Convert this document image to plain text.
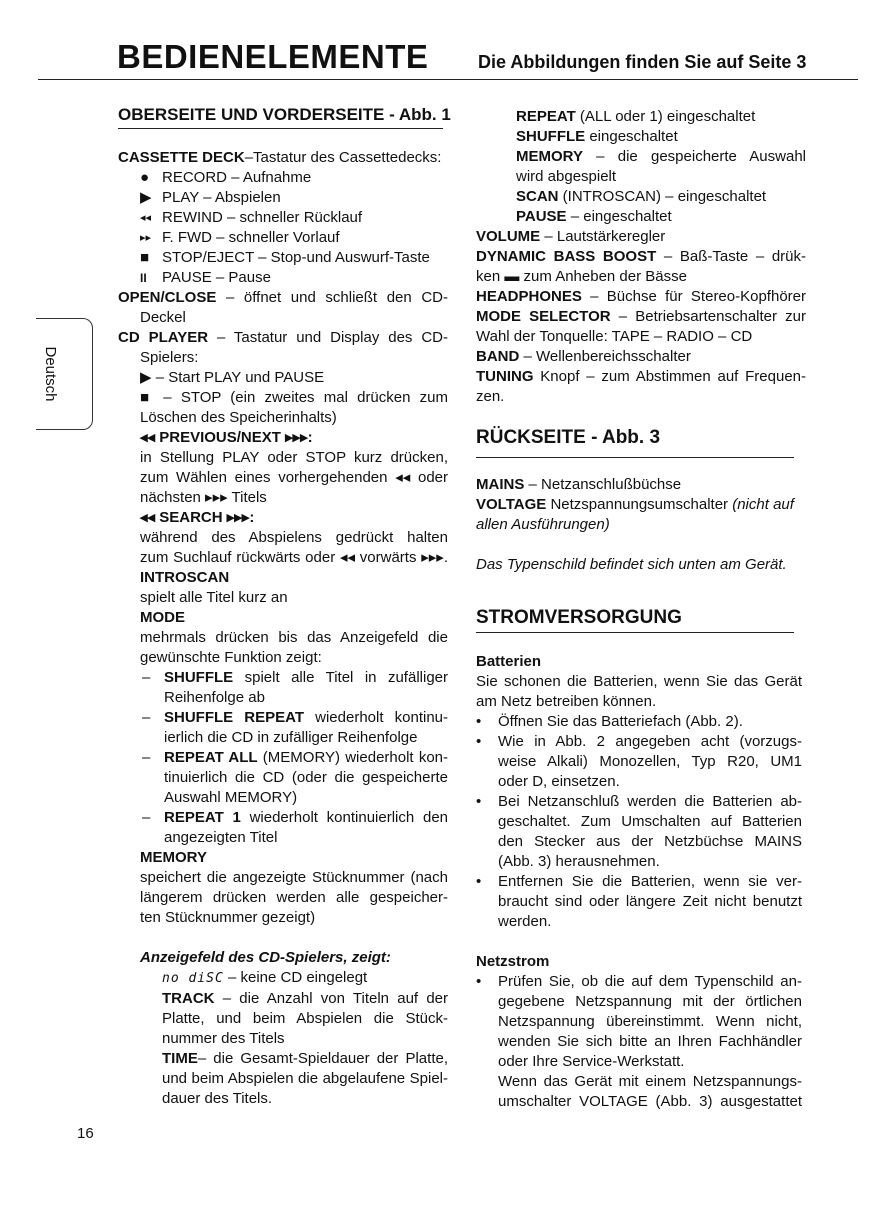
BEDIENELEMENTE	Die Abbildungen finden Sie auf Seite 3
Deutsch
OBERSEITE UND VORDERSEITE - Abb. 1
CASSETTE DECK–Tastatur des Cassettedecks:
● RECORD – Aufnahme
▶ PLAY – Abspielen
◂◂ REWIND – schneller Rücklauf
▸▸ F. FWD – schneller Vorlauf
■ STOP/EJECT – Stop-und Auswurf-Taste
II	PAUSE – Pause
OPEN/CLOSE – öffnet und schließt den CD-
Deckel
CD PLAYER – Tastatur und Display des CD-
Spielers:
▶ – Start PLAY und PAUSE
■ – STOP (ein zweites mal drücken zum
Löschen des Speicherinhalts)
◂◂ PREVIOUS/NEXT ▸▸▸:
in Stellung PLAY oder STOP kurz drücken,
zum Wählen eines vorhergehenden ◂◂ oder
nächsten ▸▸▸ Titels
◂◂ SEARCH ▸▸▸:
während des Abspielens gedrückt halten
zum Suchlauf rückwärts oder ◂◂ vorwärts ▸▸▸.
INTROSCAN
spielt alle Titel kurz an
MODE
mehrmals drücken bis das Anzeigefeld die
gewünschte Funktion zeigt:
– SHUFFLE spielt alle Titel in zufälliger
Reihenfolge ab
– SHUFFLE REPEAT wiederholt kontinu-
ierlich die CD in zufälliger Reihenfolge
– REPEAT ALL (MEMORY) wiederholt kon-
tinuierlich die CD (oder die gespeicherte
Auswahl MEMORY)
– REPEAT 1 wiederholt kontinuierlich den
angezeigten Titel
MEMORY
speichert die angezeigte Stücknummer (nach
längerem drücken werden alle gespeicher-
ten Stücknummer gezeigt)
Anzeigefeld des CD-Spielers, zeigt:
no diSC – keine CD eingelegt
TRACK – die Anzahl von Titeln auf der
Platte, und beim Abspielen die Stück-
nummer des Titels
TIME– die Gesamt-Spieldauer der Platte,
und beim Abspielen die abgelaufene Spiel-
dauer des Titels.
REPEAT (ALL oder 1) eingeschaltet
SHUFFLE eingeschaltet
MEMORY – die gespeicherte Auswahl
wird abgespielt
SCAN (INTROSCAN) – eingeschaltet
PAUSE – eingeschaltet
VOLUME – Lautstärkeregler
DYNAMIC BASS BOOST – Baß-Taste – drük-
ken ▬ zum Anheben der Bässe
HEADPHONES – Büchse für Stereo-Kopfhörer
MODE SELECTOR – Betriebsartenschalter zur
Wahl der Tonquelle: TAPE – RADIO – CD
BAND – Wellenbereichsschalter
TUNING Knopf – zum Abstimmen auf Frequen-
zen.
RÜCKSEITE - Abb. 3
MAINS – Netzanschlußbüchse
VOLTAGE Netzspannungsumschalter (nicht auf
allen Ausführungen)
Das Typenschild befindet sich unten am Gerät.
STROMVERSORGUNG
Batterien
Sie schonen die Batterien, wenn Sie das Gerät
am Netz betreiben können.
•	Öffnen Sie das Batteriefach (Abb. 2).
•	Wie in Abb. 2 angegeben acht (vorzugs-
weise Alkali) Monozellen, Typ R20, UM1
oder D, einsetzen.
•	Bei Netzanschluß werden die Batterien ab-
geschaltet. Zum Umschalten auf Batterien
den Stecker aus der Netzbüchse MAINS
(Abb. 3) herausnehmen.
•	Entfernen Sie die Batterien, wenn sie ver-
braucht sind oder längere Zeit nicht benutzt
werden.
Netzstrom
•	Prüfen Sie, ob die auf dem Typenschild an-
gegebene Netzspannung mit der örtlichen
Netzspannung übereinstimmt. Wenn nicht,
wenden Sie sich bitte an Ihren Fachhändler
oder Ihre Service-Werkstatt.
Wenn das Gerät mit einem Netzspannungs-
umschalter VOLTAGE (Abb. 3) ausgestattet
16
